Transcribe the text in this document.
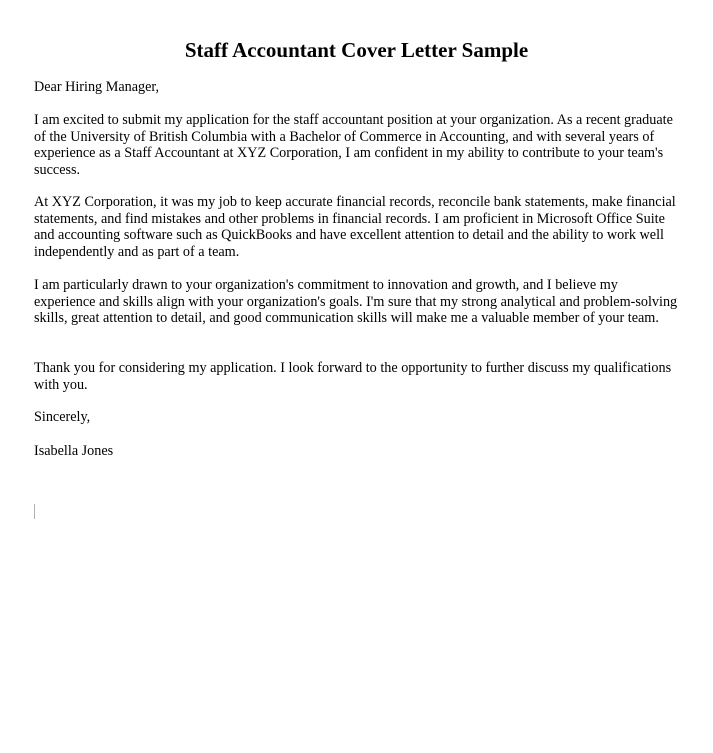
Staff Accountant Cover Letter Sample

Dear Hiring Manager,

I am excited to submit my application for the staff accountant position at your organization. As a recent graduate of the University of British Columbia with a Bachelor of Commerce in Accounting, and with several years of experience as a Staff Accountant at XYZ Corporation, I am confident in my ability to contribute to your team's success.

At XYZ Corporation, it was my job to keep accurate financial records, reconcile bank statements, make financial statements, and find mistakes and other problems in financial records. I am proficient in Microsoft Office Suite and accounting software such as QuickBooks and have excellent attention to detail and the ability to work well independently and as part of a team.

I am particularly drawn to your organization's commitment to innovation and growth, and I believe my experience and skills align with your organization's goals. I'm sure that my strong analytical and problem-solving skills, great attention to detail, and good communication skills will make me a valuable member of your team.

Thank you for considering my application. I look forward to the opportunity to further discuss my qualifications with you.

Sincerely,

Isabella Jones
